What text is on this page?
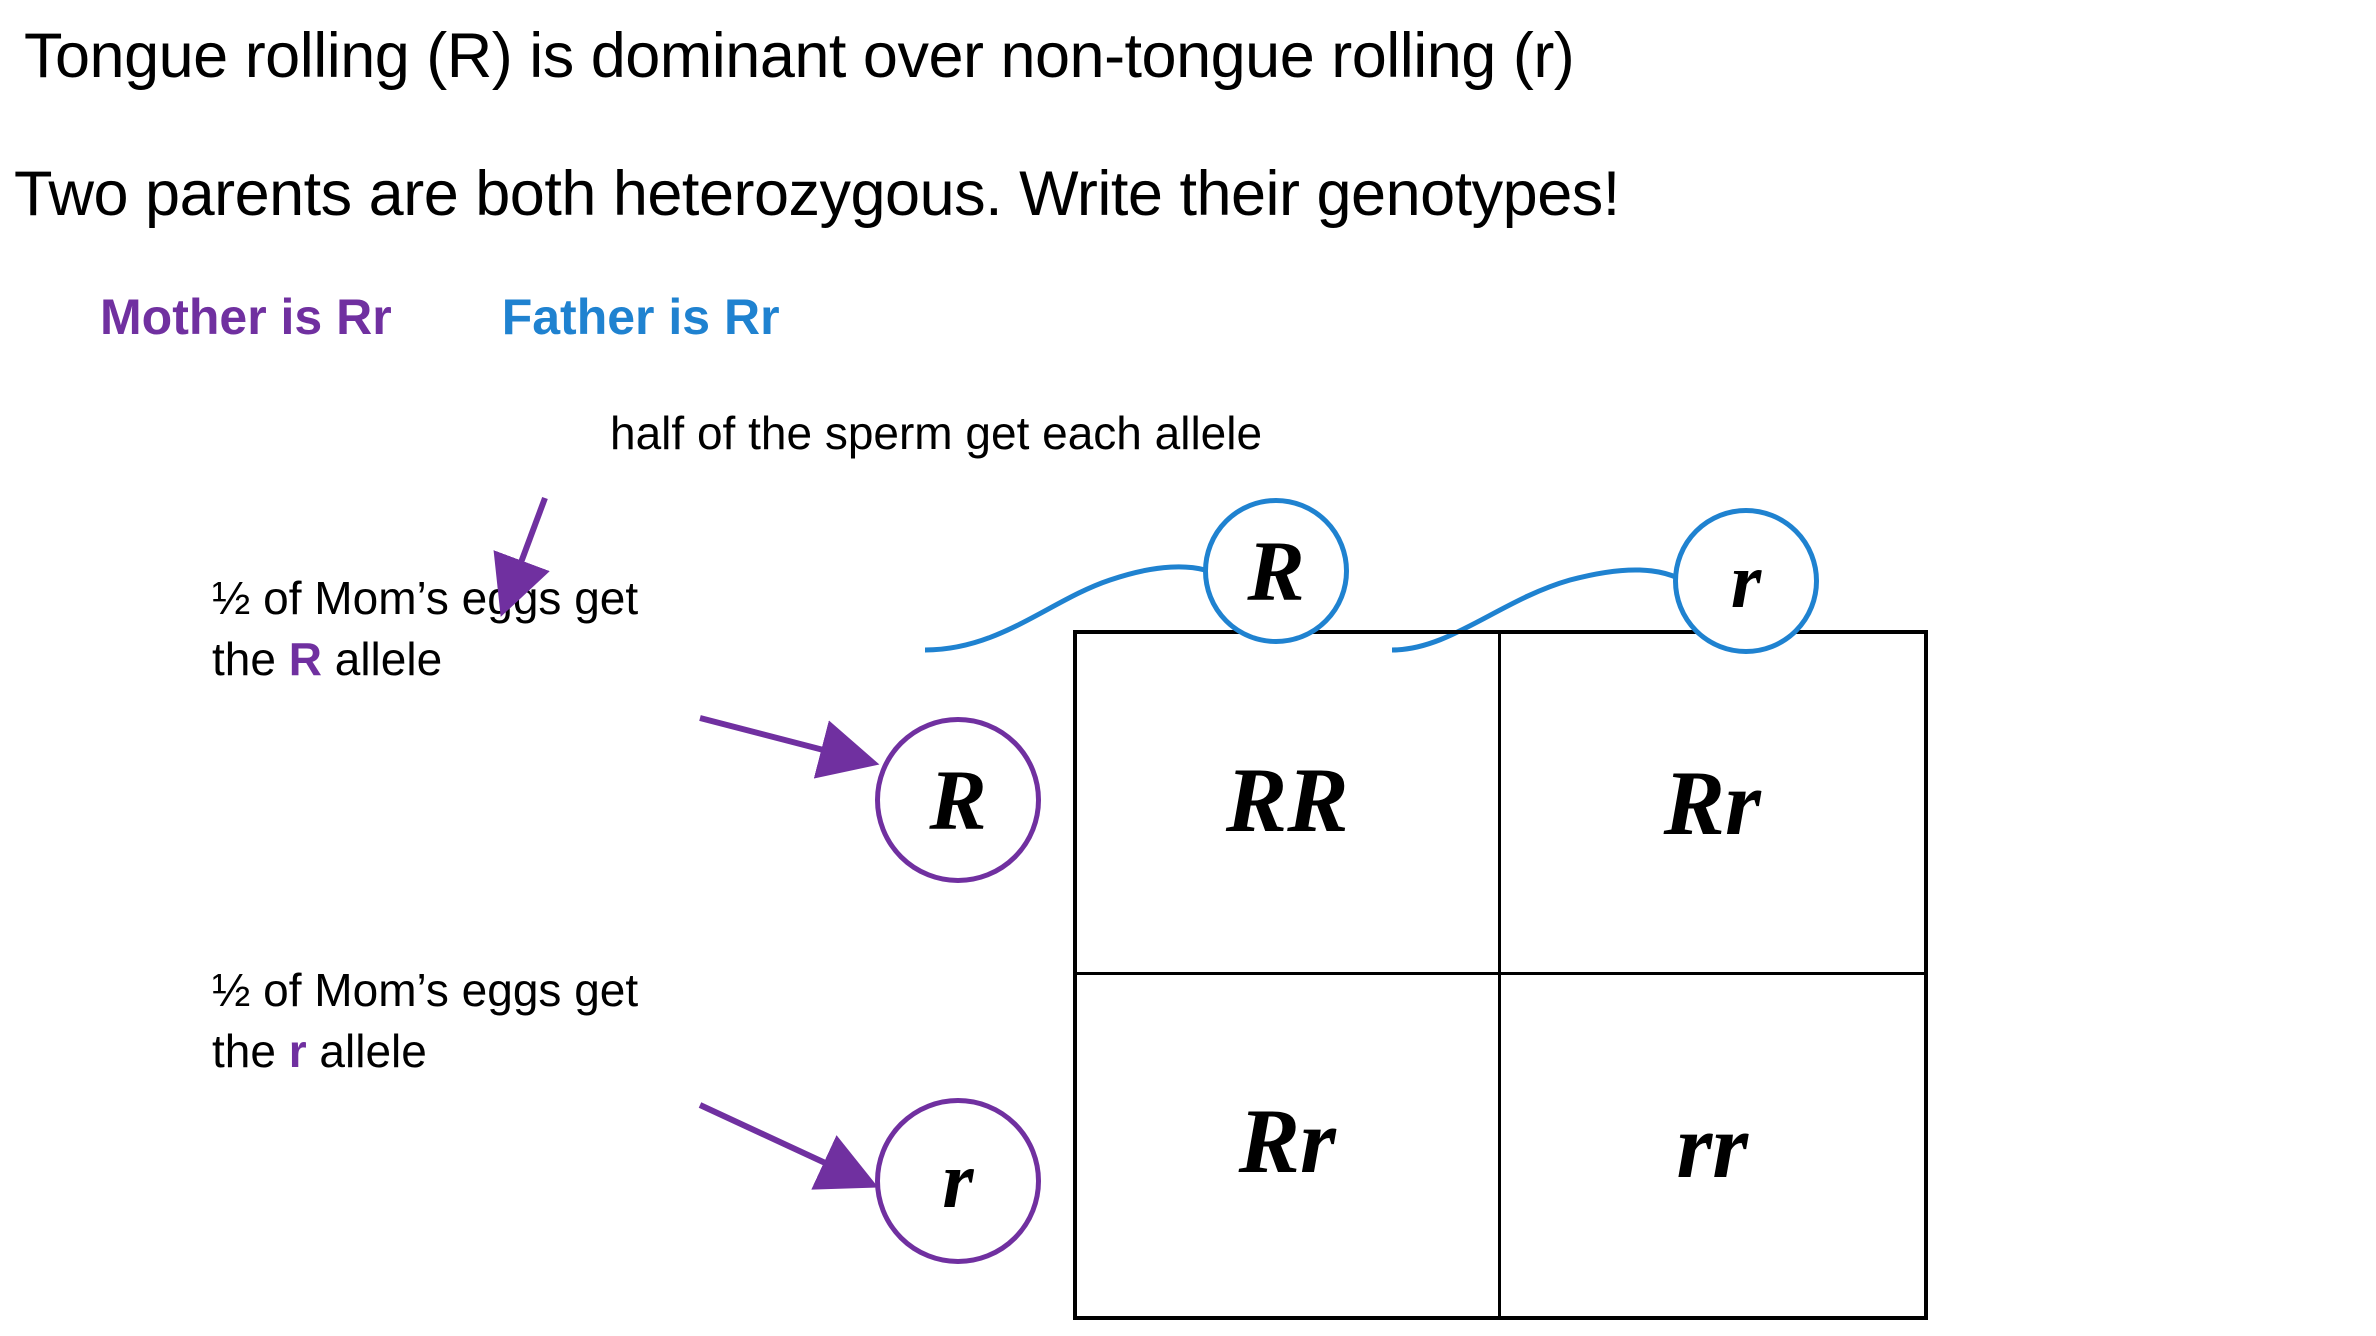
Tongue rolling (R) is dominant over non-tongue rolling (r)
Two parents are both heterozygous. Write their genotypes!
Mother is Rr Father is Rr
half of the sperm get each allele
½ of Mom’s eggs get the R allele
½ of Mom’s eggs get the r allele
RR	Rr
Rr	rr
R	r
R
r
